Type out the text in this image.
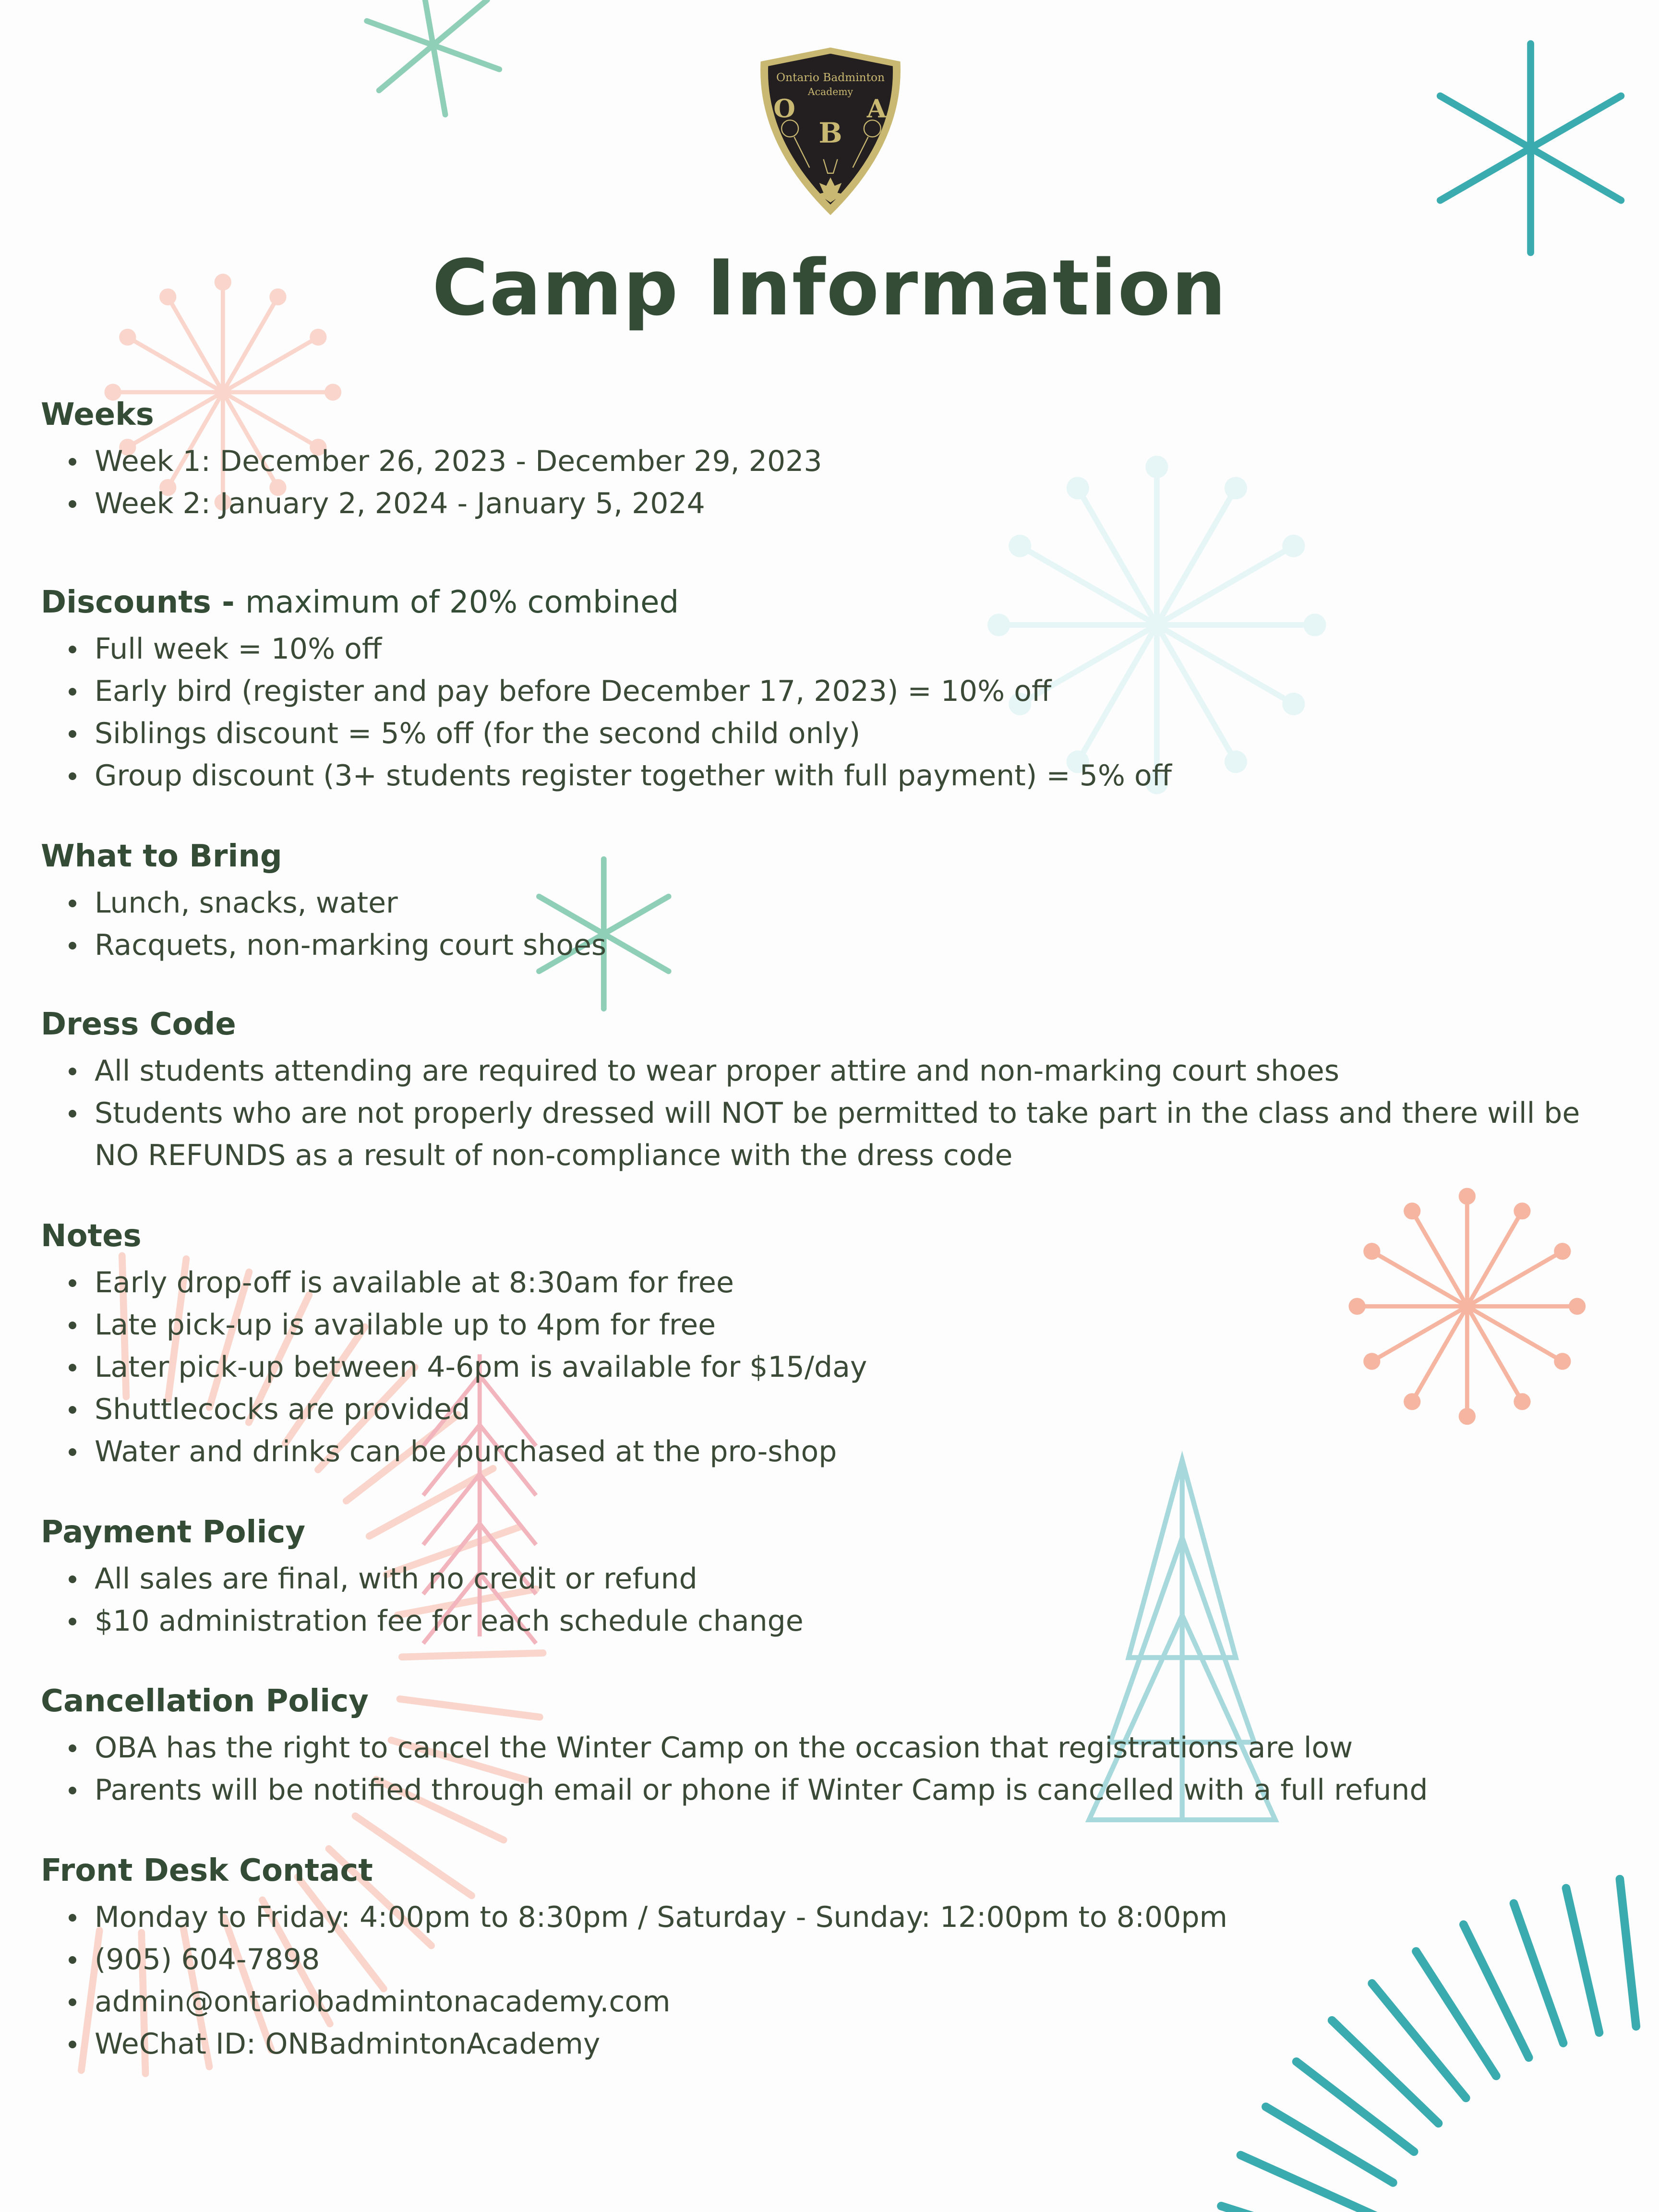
Ontario Badminton
Academy
O
B
A
Camp Information
Weeks
Week 1: December 26, 2023 - December 29, 2023
Week 2: January 2, 2024 - January 5, 2024
Discounts - maximum of 20% combined
Full week = 10% off
Early bird (register and pay before December 17, 2023) = 10% off
Siblings discount = 5% off (for the second child only)
Group discount (3+ students register together with full payment) = 5% off
What to Bring
Lunch, snacks, water
Racquets, non-marking court shoes
Dress Code
All students attending are required to wear proper attire and non-marking court shoes
Students who are not properly dressed will NOT be permitted to take part in the class and there will be NO REFUNDS as a result of non-compliance with the dress code
Notes
Early drop-off is available at 8:30am for free
Late pick-up is available up to 4pm for free
Later pick-up between 4-6pm is available for $15/day
Shuttlecocks are provided
Water and drinks can be purchased at the pro-shop
Payment Policy
All sales are final, with no credit or refund
$10 administration fee for each schedule change
Cancellation Policy
OBA has the right to cancel the Winter Camp on the occasion that registrations are low
Parents will be notified through email or phone if Winter Camp is cancelled with a full refund
Front Desk Contact
Monday to Friday: 4:00pm to 8:30pm / Saturday - Sunday: 12:00pm to 8:00pm
(905) 604-7898
admin@ontariobadmintonacademy.com
WeChat ID: ONBadmintonAcademy
